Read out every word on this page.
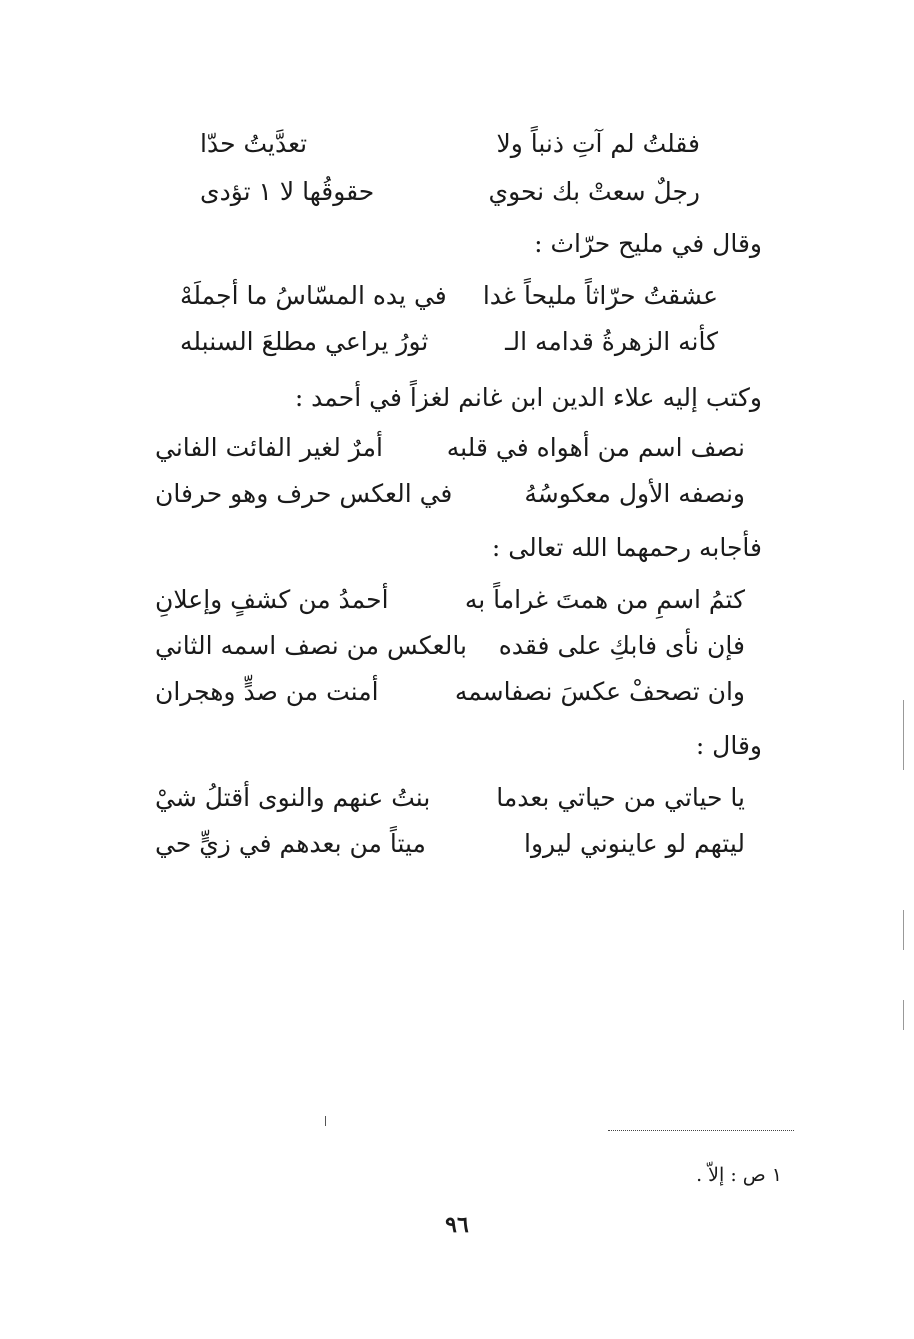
فقلتُ لم آتِ ذنباً ولا
تعدَّيتُ حدّا
رجلٌ سعتْ بك نحوي
حقوقُها لا ١ تؤدى
وقال في مليح حرّاث :
عشقتُ حرّاثاً مليحاً غدا
في يده المسّاسُ ما أجملَهْ
كأنه الزهرةُ قدامه الـ
ثورُ يراعي مطلعَ السنبله
وكتب إليه علاء الدين ابن غانم لغزاً في أحمد :
نصف اسم من أهواه في قلبه
أمرٌ لغير الفائت الفاني
ونصفه الأول معكوسُهُ
في العكس حرف وهو حرفان
فأجابه رحمهما الله تعالى :
كتمُ اسمِ من همتَ غراماً به
أحمدُ من كشفٍ وإعلانِ
فإن نأى فابكِ على فقده
بالعكس من نصف اسمه الثاني
وان تصحفْ عكسَ نصفاسمه
أمنت من صدٍّ وهجران
وقال :
يا حياتي من حياتي بعدما
بنتُ عنهم والنوى أقتلُ شيْ
ليتهم لو عاينوني ليروا
ميتاً من بعدهم في زيٍّ حي
١ ص : إلاّ .
٩٦
